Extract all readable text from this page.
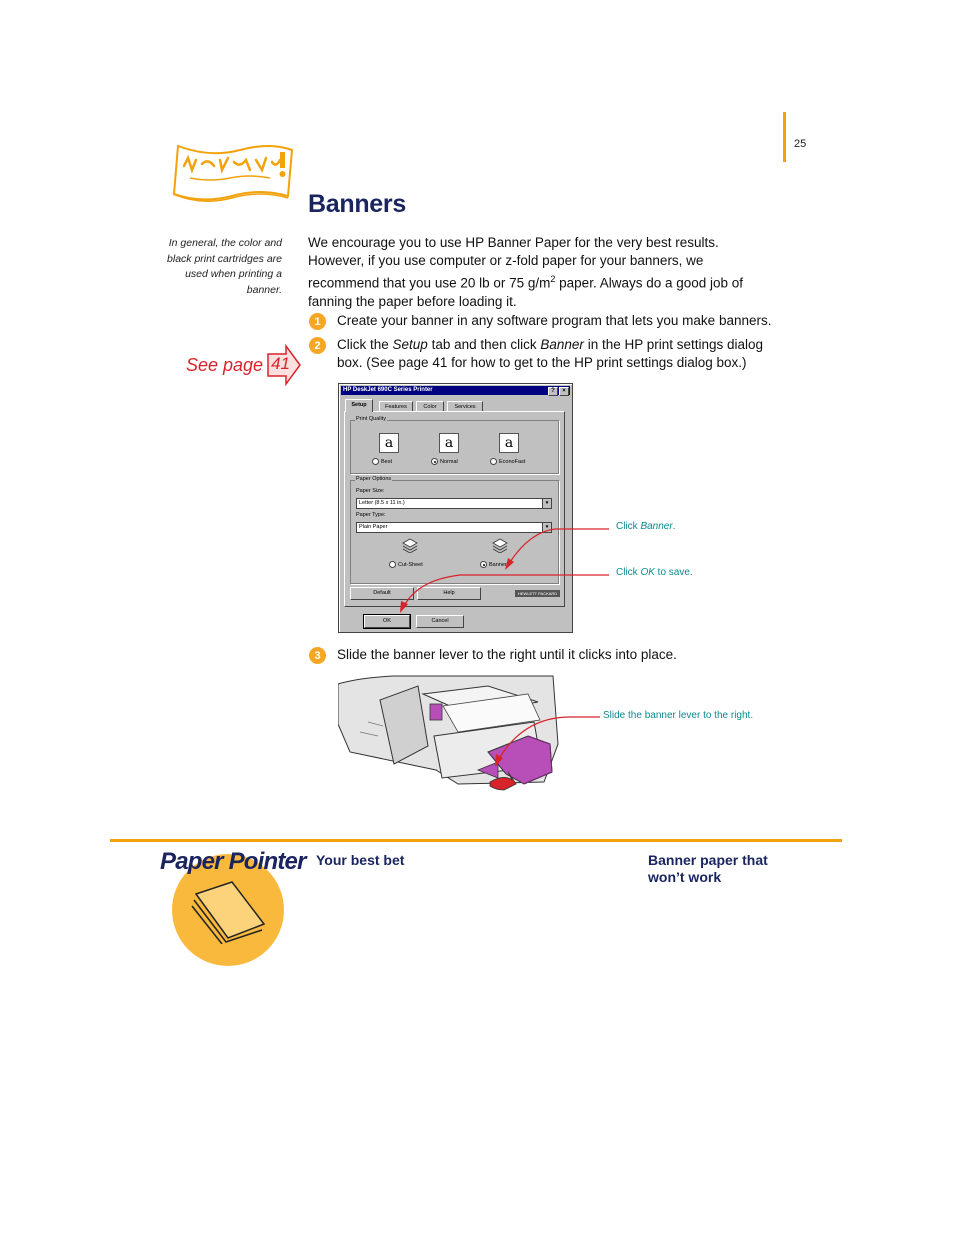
25
Banners
In general, the color and black print cartridges are used when printing a banner.
See page 41
We encourage you to use HP Banner Paper for the very best results. However, if you use computer or z-fold paper for your banners, we recommend that you use 20 lb or 75 $g/m^2$ paper. Always do a good job of fanning the paper before loading it.
1	Create your banner in any software program that lets you make banners.
2	Click the Setup tab and then click Banner in the HP print settings dialog box. (See page 41 for how to get to the HP print settings dialog box.)
HP DeskJet 690C Series Printer	?	×
Setup	Features	Color	Services
Print Quality
a	a	a
Best	Normal	EconoFast
Paper Options
Paper Size:
Letter (8.5 x 11 in.)	▾
Paper Type:
Plain Paper	▾
Cut-Sheet	Banner
Default	Help	HEWLETT PACKARD
OK	Cancel
Click Banner.
Click OK to save.
3	Slide the banner lever to the right until it clicks into place.
Slide the banner lever to the right.
Paper Pointer Your best bet	Banner paper that
won’t work
